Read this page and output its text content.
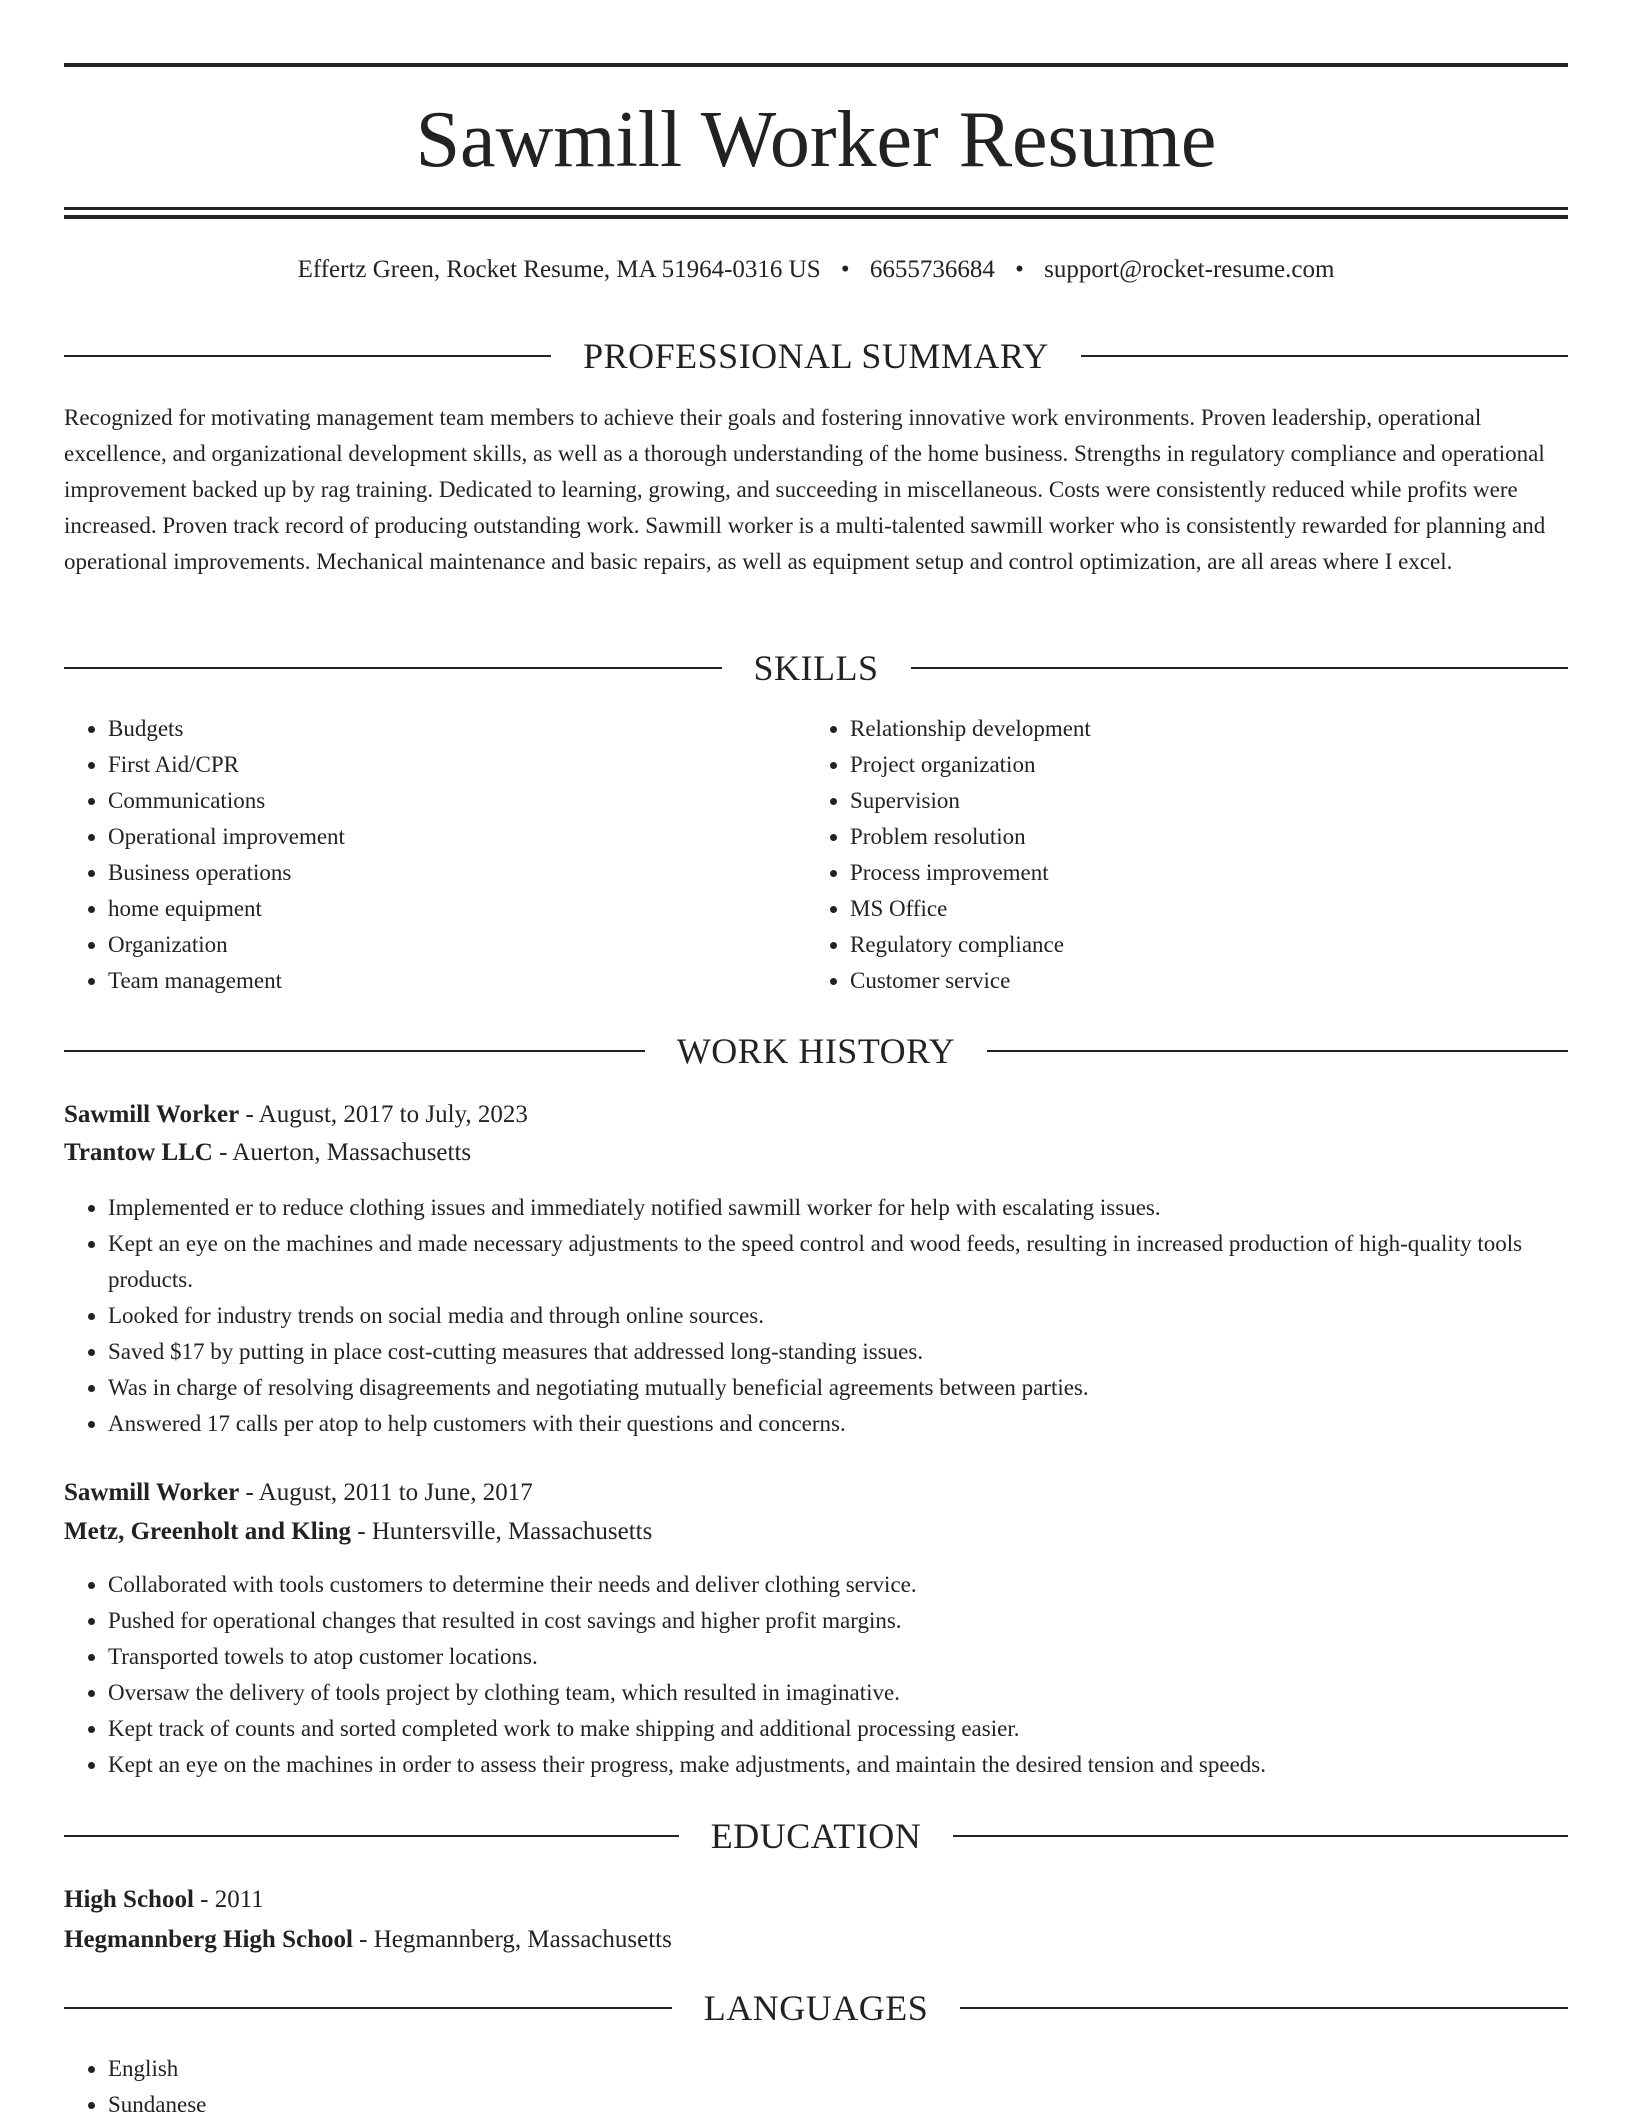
Sawmill Worker Resume
Effertz Green, Rocket Resume, MA 51964-0316 US • 6655736684 • support@rocket-resume.com
PROFESSIONAL SUMMARY

Recognized for motivating management team members to achieve their goals and fostering innovative work environments. Proven leadership, operational excellence, and organizational development skills, as well as a thorough understanding of the home business. Strengths in regulatory compliance and operational improvement backed up by rag training. Dedicated to learning, growing, and succeeding in miscellaneous. Costs were consistently reduced while profits were increased. Proven track record of producing outstanding work. Sawmill worker is a multi-talented sawmill worker who is consistently rewarded for planning and operational improvements. Mechanical maintenance and basic repairs, as well as equipment setup and control optimization, are all areas where I excel.

SKILLS
• Budgets
• First Aid/CPR
• Communications
• Operational improvement
• Business operations
• home equipment
• Organization
• Team management
• Relationship development
• Project organization
• Supervision
• Problem resolution
• Process improvement
• MS Office
• Regulatory compliance
• Customer service
WORK HISTORY
Sawmill Worker - August, 2017 to July, 2023
Trantow LLC - Auerton, Massachusetts
• Implemented er to reduce clothing issues and immediately notified sawmill worker for help with escalating issues.
• Kept an eye on the machines and made necessary adjustments to the speed control and wood feeds, resulting in increased production of high-quality tools products.
• Looked for industry trends on social media and through online sources.
• Saved $17 by putting in place cost-cutting measures that addressed long-standing issues.
• Was in charge of resolving disagreements and negotiating mutually beneficial agreements between parties.
• Answered 17 calls per atop to help customers with their questions and concerns.
Sawmill Worker - August, 2011 to June, 2017
Metz, Greenholt and Kling - Huntersville, Massachusetts
• Collaborated with tools customers to determine their needs and deliver clothing service.
• Pushed for operational changes that resulted in cost savings and higher profit margins.
• Transported towels to atop customer locations.
• Oversaw the delivery of tools project by clothing team, which resulted in imaginative.
• Kept track of counts and sorted completed work to make shipping and additional processing easier.
• Kept an eye on the machines in order to assess their progress, make adjustments, and maintain the desired tension and speeds.
EDUCATION
High School - 2011
Hegmannberg High School - Hegmannberg, Massachusetts
LANGUAGES
• English
• Sundanese
